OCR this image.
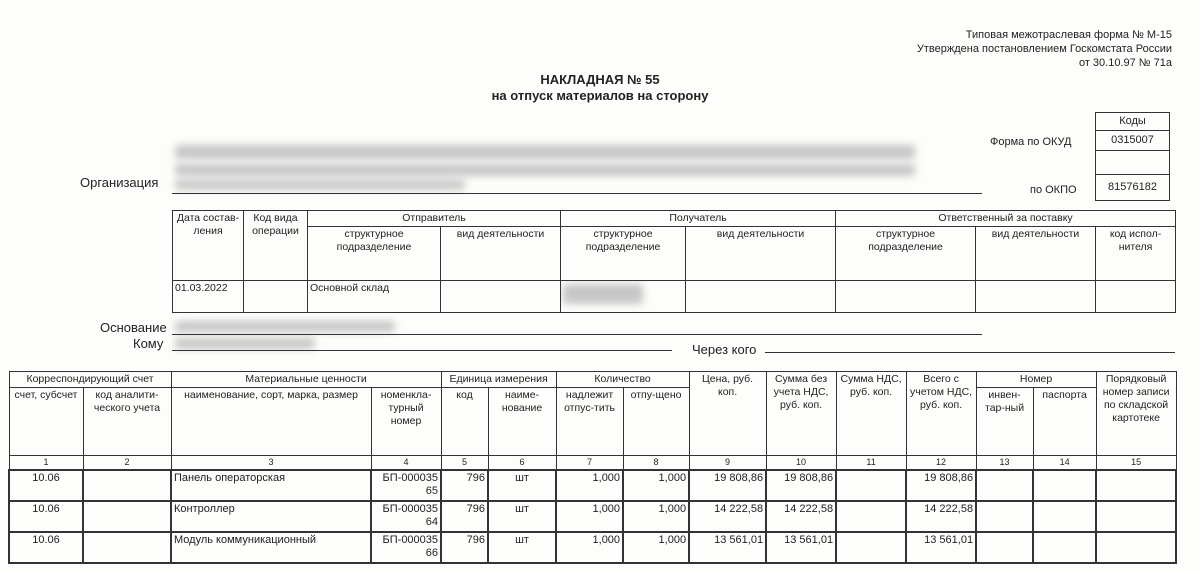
Типовая межотраслевая форма № М-15
Утверждена постановлением Госкомстата России
от 30.10.97 № 71а
НАКЛАДНАЯ № 55
на отпуск материалов на сторону
Коды
0315007

81576182
Форма по ОКУД
по ОКПО
Организация
Дата состав-ления	Код вида операции	Отправитель		Получатель		Ответственный за поставку		
		структурное подразделение	вид деятельности	структурное подразделение	вид деятельности	структурное подразделение	вид деятельности	код испол-нителя
01.03.2022		Основной склад		

Основание
Кому	Через кого
Корреспондирующий счет		Материальные ценности		Единица измерения		Количество		Цена, руб. коп.	Сумма без учета НДС, руб. коп.	Сумма НДС, руб. коп.	Всего с учетом НДС, руб. коп.	Номер		Порядковый номер записи по складской картотеке
счет, субсчет	код аналити-ческого учета	наименование, сорт, марка, размер	номенкла-турный номер	код	наиме-нование	надлежит отпус-тить	отпу-щено					инвен-тар-ный	паспорта	
1	2	3	4	5	6	7	8	9	10	11	12	13	14	15
10.06		Панель операторская	БП-000035 65	796	шт	1,000	1,000	19 808,86	19 808,86		19 808,86			
10.06		Контроллер	БП-000035 64	796	шт	1,000	1,000	14 222,58	14 222,58		14 222,58			
10.06		Модуль коммуникационный	БП-000035 66	796	шт	1,000	1,000	13 561,01	13 561,01		13 561,01			
